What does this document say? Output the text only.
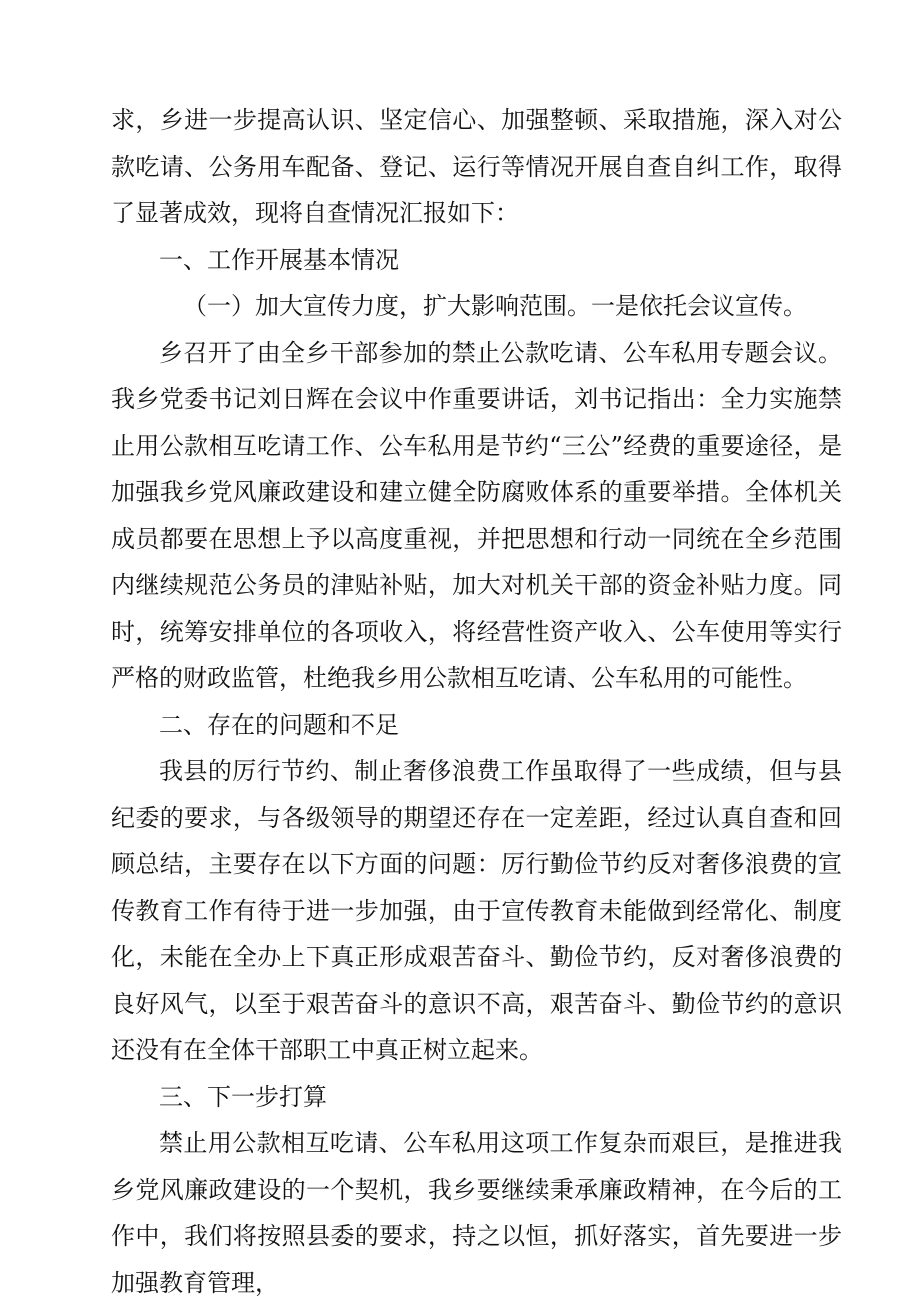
求，乡进一步提高认识、坚定信心、加强整顿、采取措施，深入对公款吃请、公务用车配备、登记、运行等情况开展自查自纠工作，取得了显著成效，现将自查情况汇报如下：

一、工作开展基本情况

（一）加大宣传力度，扩大影响范围。一是依托会议宣传。

乡召开了由全乡干部参加的禁止公款吃请、公车私用专题会议。我乡党委书记刘日辉在会议中作重要讲话，刘书记指出：全力实施禁止用公款相互吃请工作、公车私用是节约“三公”经费的重要途径，是加强我乡党风廉政建设和建立健全防腐败体系的重要举措。全体机关成员都要在思想上予以高度重视，并把思想和行动一同统在全乡范围内继续规范公务员的津贴补贴，加大对机关干部的资金补贴力度。同时，统筹安排单位的各项收入，将经营性资产收入、公车使用等实行严格的财政监管，杜绝我乡用公款相互吃请、公车私用的可能性。

二、存在的问题和不足

我县的厉行节约、制止奢侈浪费工作虽取得了一些成绩，但与县纪委的要求，与各级领导的期望还存在一定差距，经过认真自查和回顾总结，主要存在以下方面的问题：厉行勤俭节约反对奢侈浪费的宣传教育工作有待于进一步加强，由于宣传教育未能做到经常化、制度化，未能在全办上下真正形成艰苦奋斗、勤俭节约，反对奢侈浪费的良好风气，以至于艰苦奋斗的意识不高，艰苦奋斗、勤俭节约的意识还没有在全体干部职工中真正树立起来。

三、下一步打算

禁止用公款相互吃请、公车私用这项工作复杂而艰巨，是推进我乡党风廉政建设的一个契机，我乡要继续秉承廉政精神，在今后的工作中，我们将按照县委的要求，持之以恒，抓好落实，首先要进一步加强教育管理，
